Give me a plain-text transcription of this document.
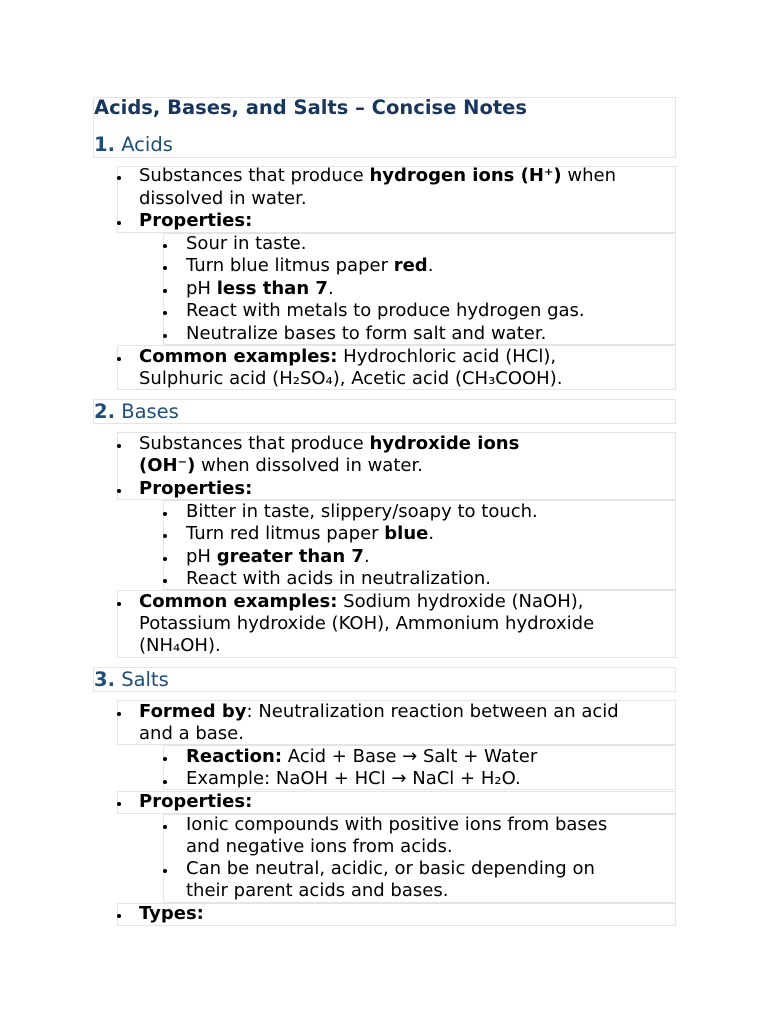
Acids, Bases, and Salts – Concise Notes
1. Acids
Substances that produce hydrogen ions (H⁺) when
dissolved in water.
Properties:
Sour in taste.
Turn blue litmus paper red.
pH less than 7.
React with metals to produce hydrogen gas.
Neutralize bases to form salt and water.
Common examples: Hydrochloric acid (HCl),
Sulphuric acid (H₂SO₄), Acetic acid (CH₃COOH).
2. Bases
Substances that produce hydroxide ions
(OH⁻) when dissolved in water.
Properties:
Bitter in taste, slippery/soapy to touch.
Turn red litmus paper blue.
pH greater than 7.
React with acids in neutralization.
Common examples: Sodium hydroxide (NaOH),
Potassium hydroxide (KOH), Ammonium hydroxide
(NH₄OH).
3. Salts
Formed by: Neutralization reaction between an acid
and a base.
Reaction: Acid + Base → Salt + Water
Example: NaOH + HCl → NaCl + H₂O.
Properties:
Ionic compounds with positive ions from bases
and negative ions from acids.
Can be neutral, acidic, or basic depending on
their parent acids and bases.
Types:
